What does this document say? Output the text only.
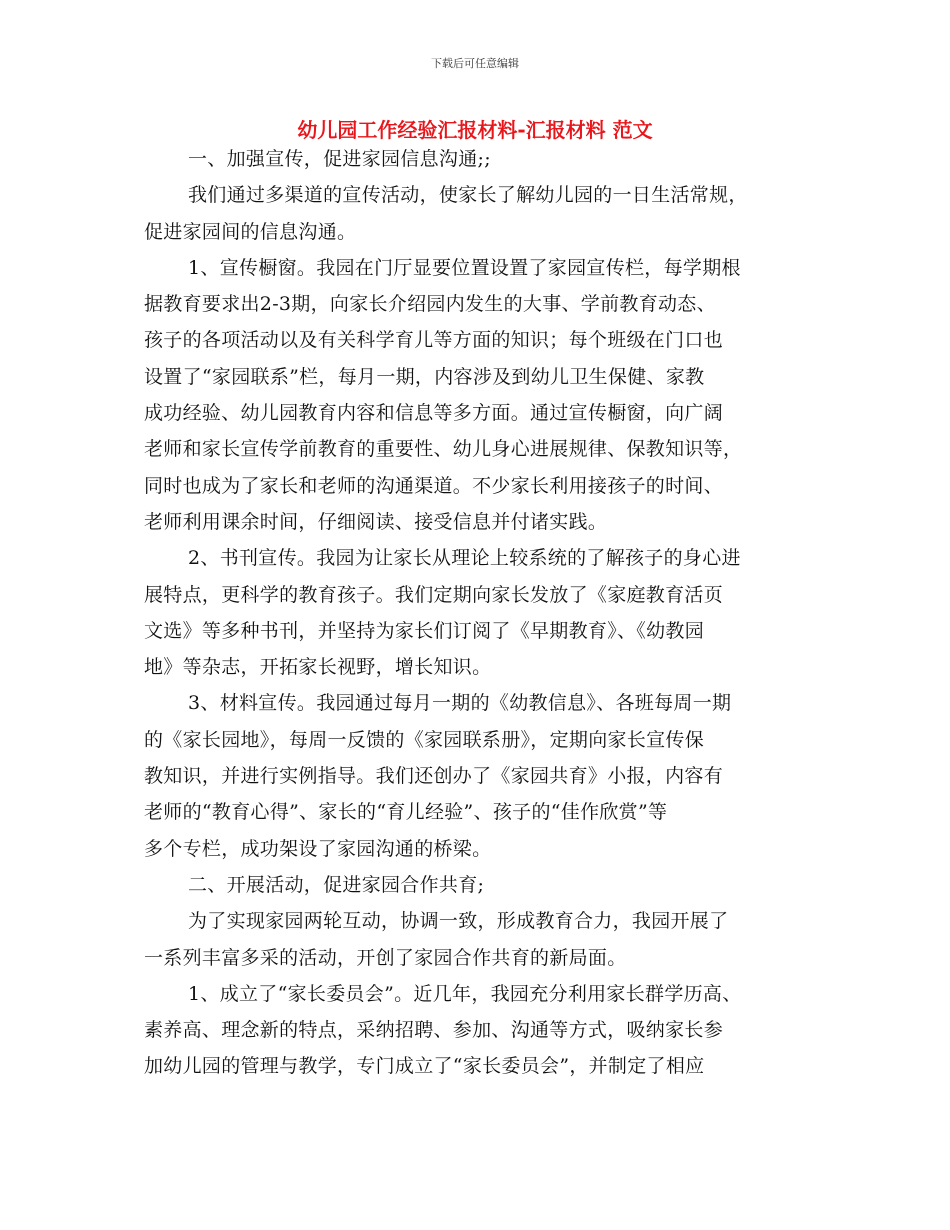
下载后可任意编辑
幼儿园工作经验汇报材料-汇报材料 范文
一、加强宣传，促进家园信息沟通;;
我们通过多渠道的宣传活动，使家长了解幼儿园的一日生活常规，
促进家园间的信息沟通。
1、宣传橱窗。我园在门厅显要位置设置了家园宣传栏，每学期根
据教育要求出2-3期，向家长介绍园内发生的大事、学前教育动态、
孩子的各项活动以及有关科学育儿等方面的知识；每个班级在门口也
设置了“家园联系”栏，每月一期，内容涉及到幼儿卫生保健、家教
成功经验、幼儿园教育内容和信息等多方面。通过宣传橱窗，向广阔
老师和家长宣传学前教育的重要性、幼儿身心进展规律、保教知识等，
同时也成为了家长和老师的沟通渠道。不少家长利用接孩子的时间、
老师利用课余时间，仔细阅读、接受信息并付诸实践。
2、书刊宣传。我园为让家长从理论上较系统的了解孩子的身心进
展特点，更科学的教育孩子。我们定期向家长发放了《家庭教育活页
文选》等多种书刊，并坚持为家长们订阅了《早期教育》、《幼教园
地》等杂志，开拓家长视野，增长知识。
3、材料宣传。我园通过每月一期的《幼教信息》、各班每周一期
的《家长园地》，每周一反馈的《家园联系册》，定期向家长宣传保
教知识，并进行实例指导。我们还创办了《家园共育》小报，内容有
老师的“教育心得”、家长的“育儿经验”、孩子的“佳作欣赏”等
多个专栏，成功架设了家园沟通的桥梁。
二、开展活动，促进家园合作共育;
为了实现家园两轮互动，协调一致，形成教育合力，我园开展了
一系列丰富多采的活动，开创了家园合作共育的新局面。
1、成立了“家长委员会”。近几年，我园充分利用家长群学历高、
素养高、理念新的特点，采纳招聘、参加、沟通等方式，吸纳家长参
加幼儿园的管理与教学，专门成立了“家长委员会”，并制定了相应
